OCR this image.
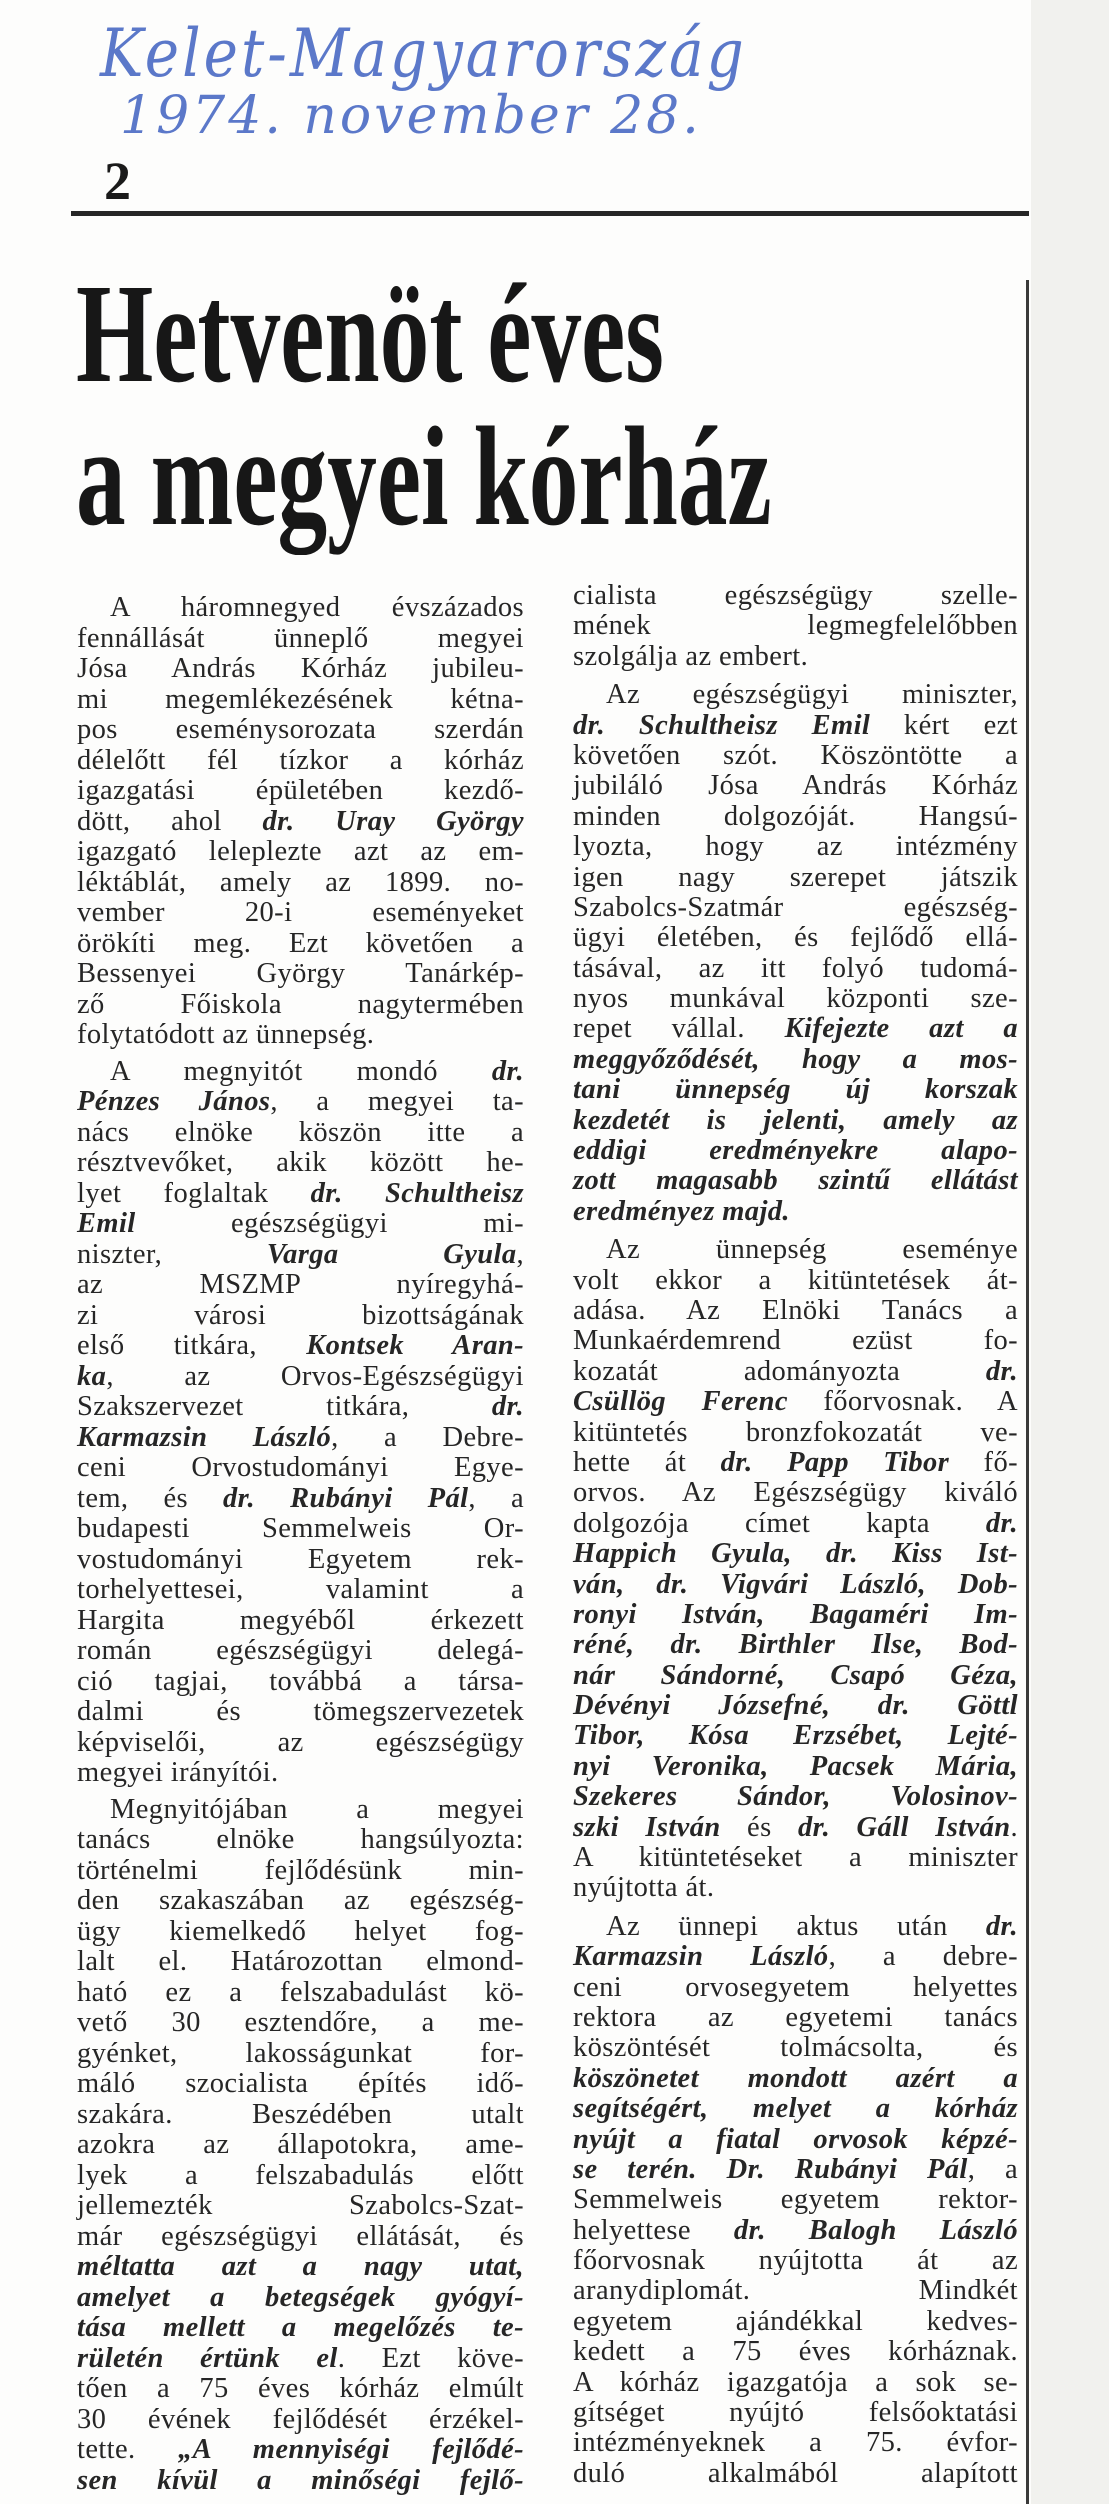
Kelet-Magyarország
1974. november 28.
2
Hetvenöt éves
a megyei kórház
A háromnegyed évszázados
fennállását ünneplő megyei
Jósa András Kórház jubileu-
mi megemlékezésének kétna-
pos eseménysorozata szerdán
délelőtt fél tízkor a kórház
igazgatási épületében kezdő-
dött, ahol dr. Uray György
igazgató leleplezte azt az em-
léktáblát, amely az 1899. no-
vember 20-i eseményeket
örökíti meg. Ezt követően a
Bessenyei György Tanárkép-
ző Főiskola nagytermében
folytatódott az ünnepség.
A megnyitót mondó dr.
Pénzes János, a megyei ta-
nács elnöke köszön itte a
résztvevőket, akik között he-
lyet foglaltak dr. Schultheisz
Emil egészségügyi mi-
niszter, Varga Gyula,
az MSZMP nyíregyhá-
zi városi bizottságának
első titkára, Kontsek Aran-
ka, az Orvos-Egészségügyi
Szakszervezet titkára, dr.
Karmazsin László, a Debre-
ceni Orvostudományi Egye-
tem, és dr. Rubányi Pál, a
budapesti Semmelweis Or-
vostudományi Egyetem rek-
torhelyettesei, valamint a
Hargita megyéből érkezett
román egészségügyi delegá-
ció tagjai, továbbá a társa-
dalmi és tömegszervezetek
képviselői, az egészségügy
megyei irányítói.
Megnyitójában a megyei
tanács elnöke hangsúlyozta:
történelmi fejlődésünk min-
den szakaszában az egészség-
ügy kiemelkedő helyet fog-
lalt el. Határozottan elmond-
ható ez a felszabadulást kö-
vető 30 esztendőre, a me-
gyénket, lakosságunkat for-
máló szocialista építés idő-
szakára. Beszédében utalt
azokra az állapotokra, ame-
lyek a felszabadulás előtt
jellemezték Szabolcs-Szat-
már egészségügyi ellátását, és
méltatta azt a nagy utat,
amelyet a betegségek gyógyí-
tása mellett a megelőzés te-
rületén értünk el. Ezt köve-
tően a 75 éves kórház elmúlt
30 évének fejlődését érzékel-
tette. „A mennyiségi fejlődé-
sen kívül a minőségi fejlő-
cialista egészségügy szelle-
mének legmegfelelőbben
szolgálja az embert.
Az egészségügyi miniszter,
dr. Schultheisz Emil kért ezt
követően szót. Köszöntötte a
jubiláló Jósa András Kórház
minden dolgozóját. Hangsú-
lyozta, hogy az intézmény
igen nagy szerepet játszik
Szabolcs-Szatmár egészség-
ügyi életében, és fejlődő ellá-
tásával, az itt folyó tudomá-
nyos munkával központi sze-
repet vállal. Kifejezte azt a
meggyőződését, hogy a mos-
tani ünnepség új korszak
kezdetét is jelenti, amely az
eddigi eredményekre alapo-
zott magasabb szintű ellátást
eredményez majd.
Az ünnepség eseménye
volt ekkor a kitüntetések át-
adása. Az Elnöki Tanács a
Munkaérdemrend ezüst fo-
kozatát adományozta dr.
Csüllög Ferenc főorvosnak. A
kitüntetés bronzfokozatát ve-
hette át dr. Papp Tibor fő-
orvos. Az Egészségügy kiváló
dolgozója címet kapta dr.
Happich Gyula, dr. Kiss Ist-
ván, dr. Vigvári László, Dob-
ronyi István, Bagaméri Im-
réné, dr. Birthler Ilse, Bod-
nár Sándorné, Csapó Géza,
Dévényi Józsefné, dr. Göttl
Tibor, Kósa Erzsébet, Lejté-
nyi Veronika, Pacsek Mária,
Szekeres Sándor, Volosinov-
szki István és dr. Gáll István.
A kitüntetéseket a miniszter
nyújtotta át.
Az ünnepi aktus után dr.
Karmazsin László, a debre-
ceni orvosegyetem helyettes
rektora az egyetemi tanács
köszöntését tolmácsolta, és
köszönetet mondott azért a
segítségért, melyet a kórház
nyújt a fiatal orvosok képzé-
se terén. Dr. Rubányi Pál, a
Semmelweis egyetem rektor-
helyettese dr. Balogh László
főorvosnak nyújtotta át az
aranydiplomát. Mindkét
egyetem ajándékkal kedves-
kedett a 75 éves kórháznak.
A kórház igazgatója a sok se-
gítséget nyújtó felsőoktatási
intézményeknek a 75. évfor-
duló alkalmából alapított
